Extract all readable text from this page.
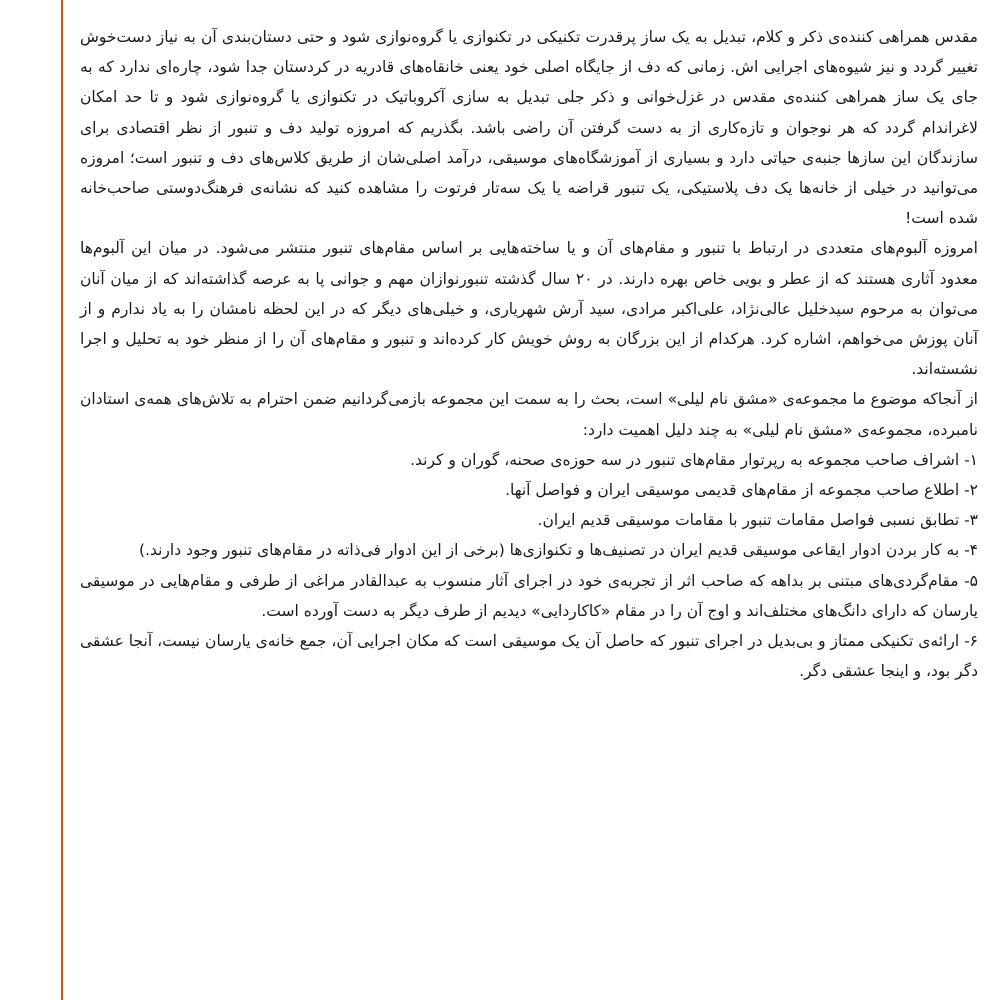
مقدس همراهی کننده‌ی ذکر و کلام، تبدیل به یک ساز پرقدرت تکنیکی در تکنوازی یا گروه‌نوازی شود و حتی دستان‌بندی آن به نیاز دست‌خوش تغییر گردد و نیز شیوه‌های اجرایی اش. زمانی که دف از جایگاه اصلی خود یعنی خانقاه‌های قادریه در کردستان جدا شود، چاره‌ای ندارد که به جای یک ساز همراهی کننده‌ی مقدس در غزل‌خوانی و ذکر جلی تبدیل به سازی آکروباتیک در تکنوازی یا گروه‌نوازی شود و تا حد امکان لاغراندام گردد که هر نوجوان و تازه‌کاری از به دست گرفتن آن راضی باشد. بگذریم که امروزه تولید دف و تنبور از نظر اقتصادی برای سازندگان این سازها جنبه‌ی حیاتی دارد و بسیاری از آموزشگاه‌های موسیقی، درآمد اصلی‌شان از طریق کلاس‌های دف و تنبور است؛ امروزه می‌توانید در خیلی از خانه‌ها یک دف پلاستیکی، یک تنبور قراضه یا یک سه‌تار فرتوت را مشاهده کنید که نشانه‌ی فرهنگ‌دوستی صاحب‌خانه شده است!

امروزه آلبوم‌های متعددی در ارتباط با تنبور و مقام‌های آن و یا ساخته‌هایی بر اساس مقام‌های تنبور منتشر می‌شود. در میان این آلبوم‌ها معدود آثاری هستند که از عطر و بویی خاص بهره دارند. در ۲۰ سال گذشته تنبورنوازان مهم و جوانی پا به عرصه گذاشته‌اند که از میان آنان می‌توان به مرحوم سیدخلیل عالی‌نژاد، علی‌اکبر مرادی، سید آرش شهریاری، و خیلی‌های دیگر که در این لحظه نامشان را به یاد ندارم و از آنان پوزش می‌خواهم، اشاره کرد. هرکدام از این بزرگان به روش خویش کار کرده‌اند و تنبور و مقام‌های آن را از منظر خود به تحلیل و اجرا نشسته‌اند.

از آنجاکه موضوع ما مجموعه‌ی «مشق نام لیلی» است، بحث را به سمت این مجموعه بازمی‌گردانیم ضمن احترام به تلاش‌های همه‌ی استادان نامبرده، مجموعه‌ی «مشق نام لیلی» به چند دلیل اهمیت دارد:

۱- اشراف صاحب مجموعه به رپرتوار مقام‌های تنبور در سه حوزه‌ی صحنه، گوران و کرند.

۲- اطلاع صاحب مجموعه از مقام‌های قدیمی موسیقی ایران و فواصل آنها.

۳- تطابق نسبی فواصل مقامات تنبور با مقامات موسیقی قدیم ایران.

۴- به کار بردن ادوار ایقاعی موسیقی قدیم ایران در تصنیف‌ها و تکنوازی‌ها (برخی از این ادوار فی‌ذاته در مقام‌های تنبور وجود دارند.)

۵- مقام‌گردی‌های مبتنی بر بداهه که صاحب اثر از تجربه‌ی خود در اجرای آثار منسوب به عبدالقادر مراغی از طرفی و مقام‌هایی در موسیقی یارسان که دارای دانگ‌های مختلف‌اند و اوج آن را در مقام «کاکاردایی» دیدیم از طرف دیگر به دست آورده است.

۶- ارائه‌ی تکنیکی ممتاز و بی‌بدیل در اجرای تنبور که حاصل آن یک موسیقی است که مکان اجرایی آن، جمع خانه‌ی یارسان نیست، آنجا عشقی دگر بود، و اینجا عشقی دگر.
